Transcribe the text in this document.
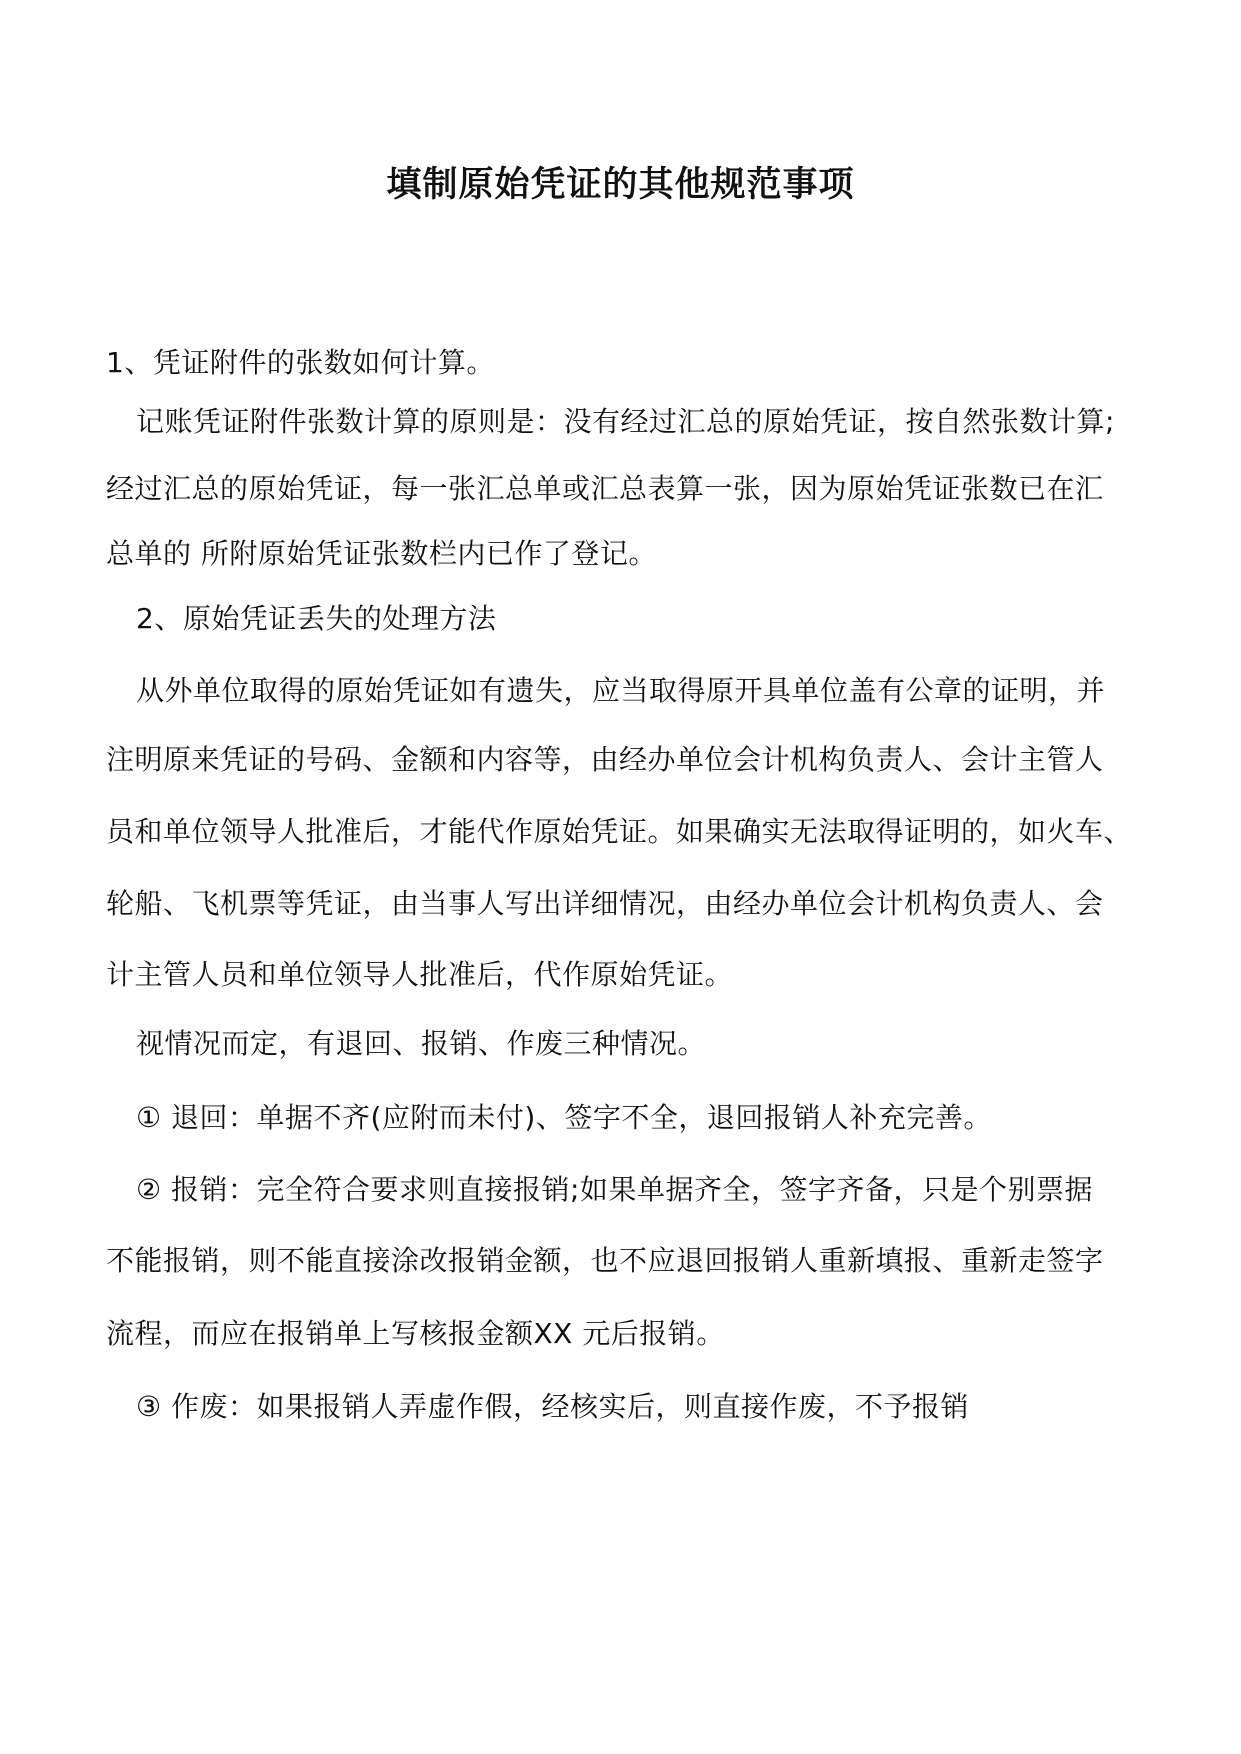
填制原始凭证的其他规范事项
1、凭证附件的张数如何计算。
记账凭证附件张数计算的原则是：没有经过汇总的原始凭证，按自然张数计算;
经过汇总的原始凭证，每一张汇总单或汇总表算一张，因为原始凭证张数已在汇
总单的 所附原始凭证张数栏内已作了登记。
2、原始凭证丢失的处理方法
从外单位取得的原始凭证如有遗失，应当取得原开具单位盖有公章的证明，并
注明原来凭证的号码、金额和内容等，由经办单位会计机构负责人、会计主管人
员和单位领导人批准后，才能代作原始凭证。如果确实无法取得证明的，如火车、
轮船、飞机票等凭证，由当事人写出详细情况，由经办单位会计机构负责人、会
计主管人员和单位领导人批准后，代作原始凭证。
视情况而定，有退回、报销、作废三种情况。
① 退回：单据不齐(应附而未付)、签字不全，退回报销人补充完善。
② 报销：完全符合要求则直接报销;如果单据齐全，签字齐备，只是个别票据
不能报销，则不能直接涂改报销金额，也不应退回报销人重新填报、重新走签字
流程，而应在报销单上写核报金额XX 元后报销。
③ 作废：如果报销人弄虚作假，经核实后，则直接作废，不予报销
